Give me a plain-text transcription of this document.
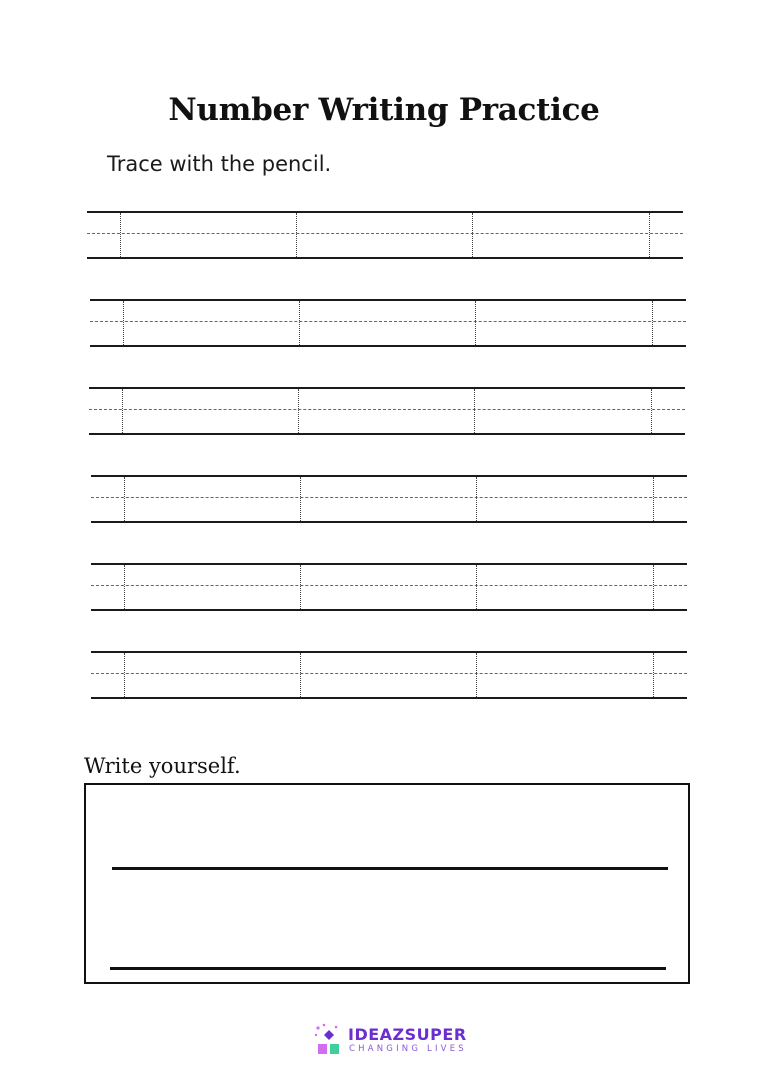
Number Writing Practice
Trace with the pencil.
Write yourself.
IDEAZSUPER
CHANGING LIVES
